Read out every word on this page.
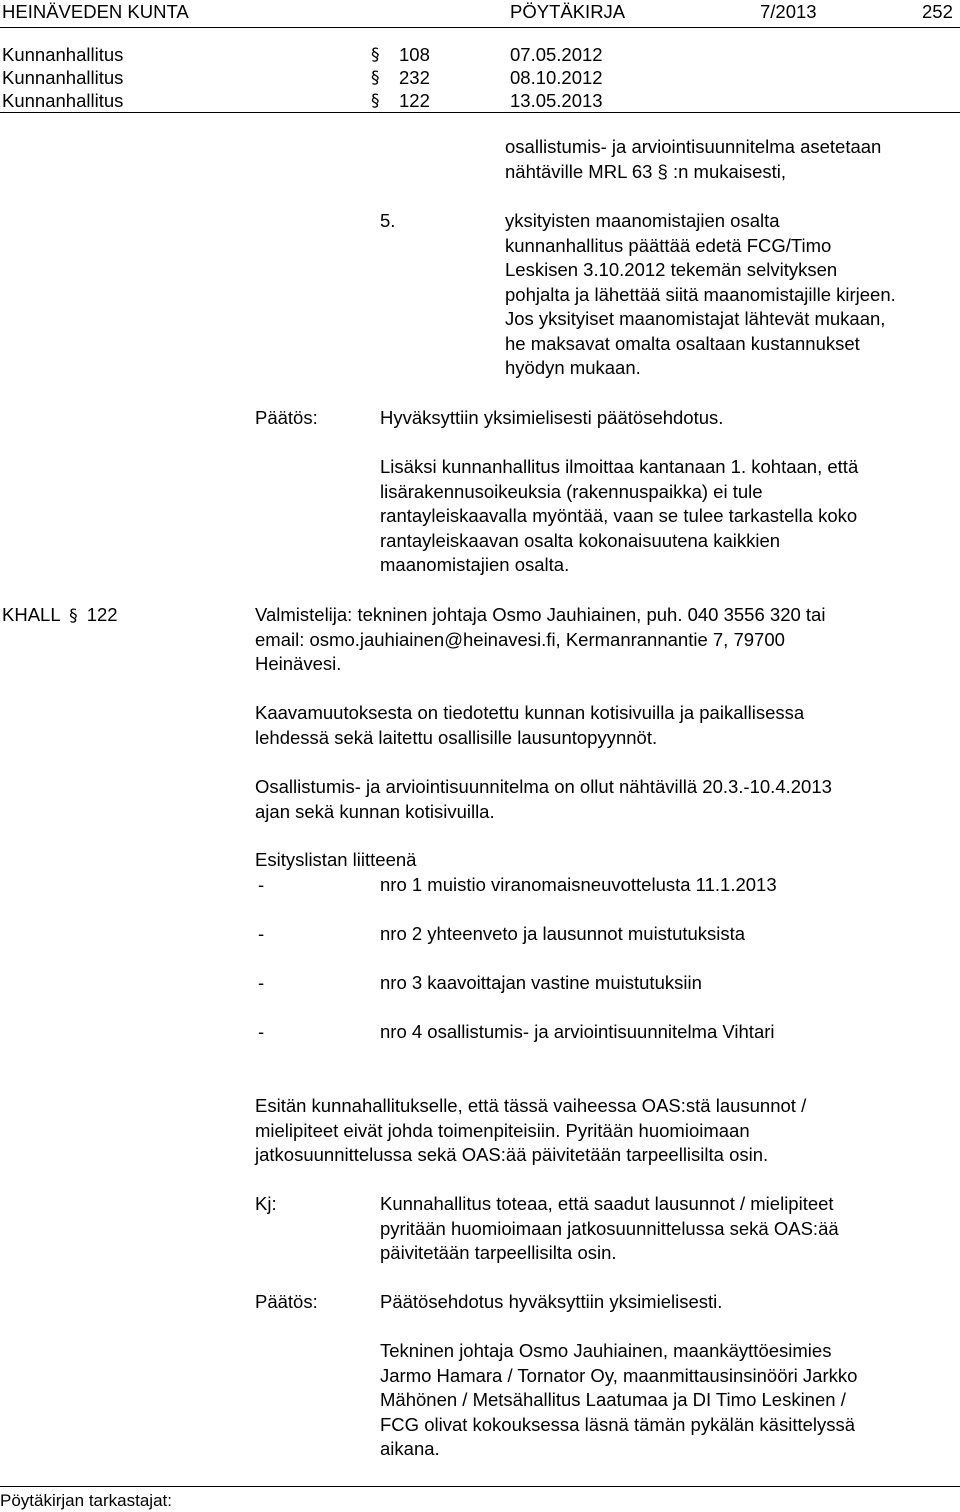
HEINÄVEDEN KUNTA	PÖYTÄKIRJA	7/2013	252
Kunnanhallitus	§ 108	07.05.2012
Kunnanhallitus	§ 232	08.10.2012
Kunnanhallitus	§ 122	13.05.2013
osallistumis- ja arviointisuunnitelma asetetaan
nähtäville MRL 63 § :n mukaisesti,
5.	yksityisten maanomistajien osalta
kunnanhallitus päättää edetä FCG/Timo
Leskisen 3.10.2012 tekemän selvityksen
pohjalta ja lähettää siitä maanomistajille kirjeen.
Jos yksityiset maanomistajat lähtevät mukaan,
he maksavat omalta osaltaan kustannukset
hyödyn mukaan.
Päätös:	Hyväksyttiin yksimielisesti päätösehdotus.
Lisäksi kunnanhallitus ilmoittaa kantanaan 1. kohtaan, että
lisärakennusoikeuksia (rakennuspaikka) ei tule
rantayleiskaavalla myöntää, vaan se tulee tarkastella koko
rantayleiskaavan osalta kokonaisuutena kaikkien
maanomistajien osalta.
KHALL § 122	Valmistelija: tekninen johtaja Osmo Jauhiainen, puh. 040 3556 320 tai
email: osmo.jauhiainen@heinavesi.fi, Kermanrannantie 7, 79700
Heinävesi.
Kaavamuutoksesta on tiedotettu kunnan kotisivuilla ja paikallisessa
lehdessä sekä laitettu osallisille lausuntopyynnöt.
Osallistumis- ja arviointisuunnitelma on ollut nähtävillä 20.3.-10.4.2013
ajan sekä kunnan kotisivuilla.
Esityslistan liitteenä
-	nro 1 muistio viranomaisneuvottelusta 11.1.2013
-	nro 2 yhteenveto ja lausunnot muistutuksista
-	nro 3 kaavoittajan vastine muistutuksiin
-	nro 4 osallistumis- ja arviointisuunnitelma Vihtari
Esitän kunnahallitukselle, että tässä vaiheessa OAS:stä lausunnot /
mielipiteet eivät johda toimenpiteisiin. Pyritään huomioimaan
jatkosuunnittelussa sekä OAS:ää päivitetään tarpeellisilta osin.
Kj:	Kunnahallitus toteaa, että saadut lausunnot / mielipiteet
pyritään huomioimaan jatkosuunnittelussa sekä OAS:ää
päivitetään tarpeellisilta osin.
Päätös:	Päätösehdotus hyväksyttiin yksimielisesti.
Tekninen johtaja Osmo Jauhiainen, maankäyttöesimies
Jarmo Hamara / Tornator Oy, maanmittausinsinööri Jarkko
Mähönen / Metsähallitus Laatumaa ja DI Timo Leskinen /
FCG olivat kokouksessa läsnä tämän pykälän käsittelyssä
aikana.
Pöytäkirjan tarkastajat:
